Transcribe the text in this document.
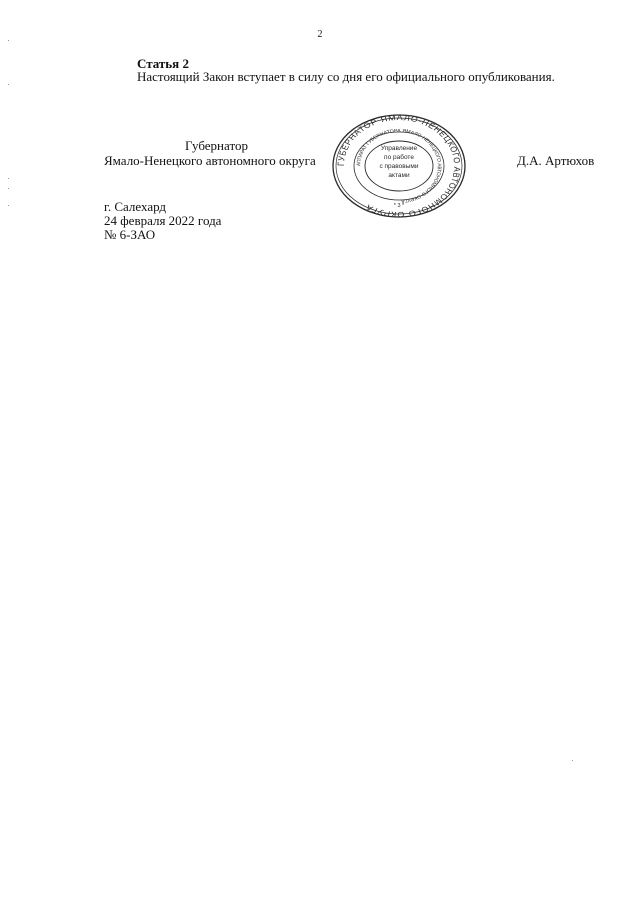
2
Статья 2
Настоящий Закон вступает в силу со дня его официального опубликования.
Губернатор
Ямало-Ненецкого автономного округа	Д.А. Артюхов
ГУБЕРНАТОР ЯМАЛО-НЕНЕЦКОГО АВТОНОМНОГО ОКРУГА
АППАРАТ ГУБЕРНАТОРА ЯМАЛО-НЕНЕЦКОГО АВТОНОМНОГО ОКРУГА
Управление
по работе
с правовыми
актами
* 3 *
г. Салехард
24 февраля 2022 года
№ 6-ЗАО
